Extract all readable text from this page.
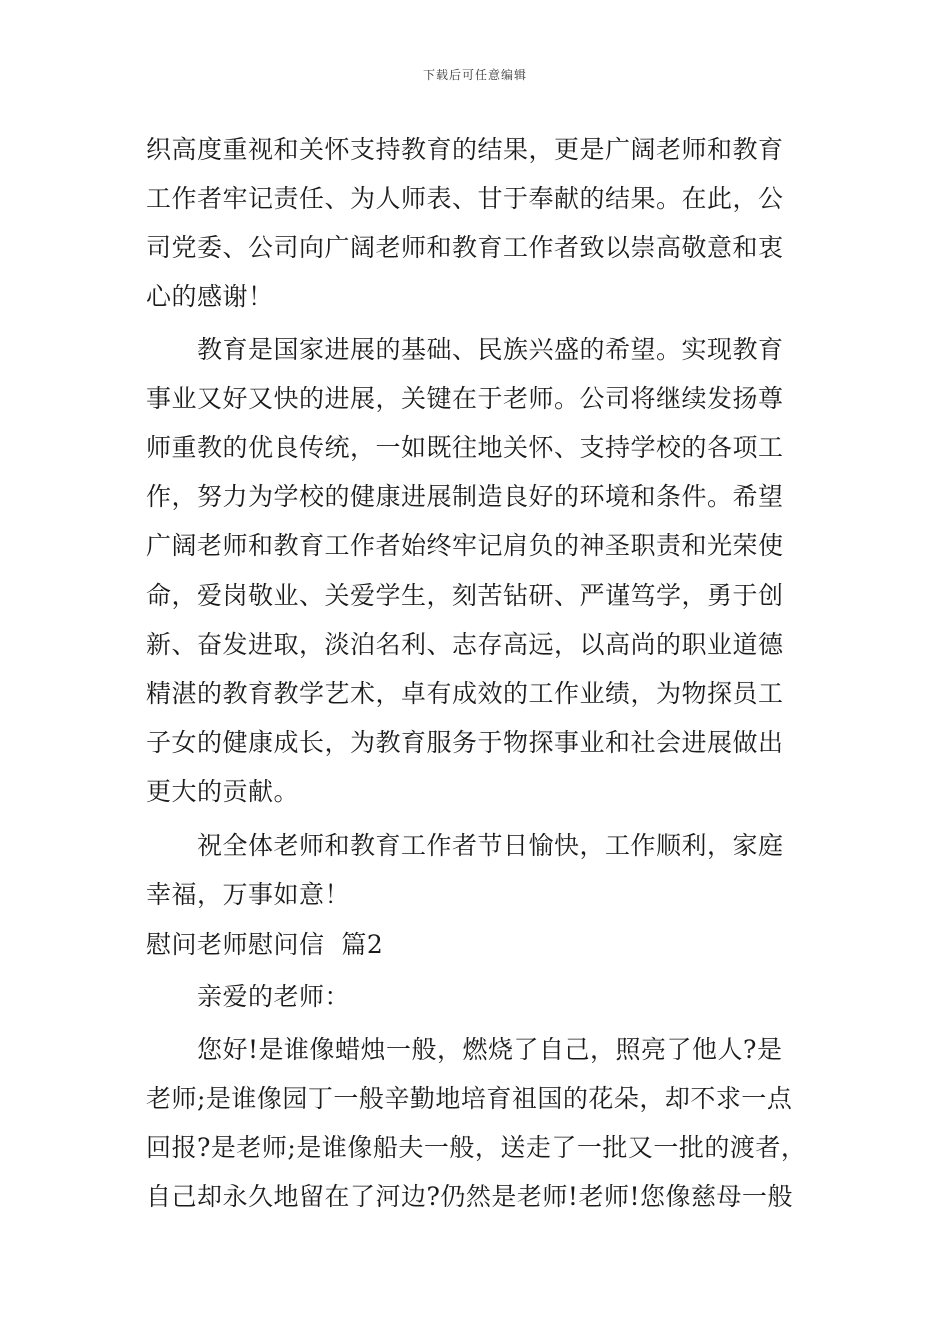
下载后可任意编辑
织高度重视和关怀支持教育的结果，更是广阔老师和教育
工作者牢记责任、为人师表、甘于奉献的结果。在此，公
司党委、公司向广阔老师和教育工作者致以崇高敬意和衷
心的感谢！
教育是国家进展的基础、民族兴盛的希望。实现教育
事业又好又快的进展，关键在于老师。公司将继续发扬尊
师重教的优良传统，一如既往地关怀、支持学校的各项工
作，努力为学校的健康进展制造良好的环境和条件。希望
广阔老师和教育工作者始终牢记肩负的神圣职责和光荣使
命，爱岗敬业、关爱学生，刻苦钻研、严谨笃学，勇于创
新、奋发进取，淡泊名利、志存高远，以高尚的职业道德
精湛的教育教学艺术，卓有成效的工作业绩，为物探员工
子女的健康成长，为教育服务于物探事业和社会进展做出
更大的贡献。
祝全体老师和教育工作者节日愉快，工作顺利，家庭
幸福，万事如意！
慰问老师慰问信  篇2
亲爱的老师：
您好!是谁像蜡烛一般，燃烧了自己，照亮了他人?是
老师;是谁像园丁一般辛勤地培育祖国的花朵，却不求一点
回报?是老师;是谁像船夫一般，送走了一批又一批的渡者，
自己却永久地留在了河边?仍然是老师!老师!您像慈母一般
